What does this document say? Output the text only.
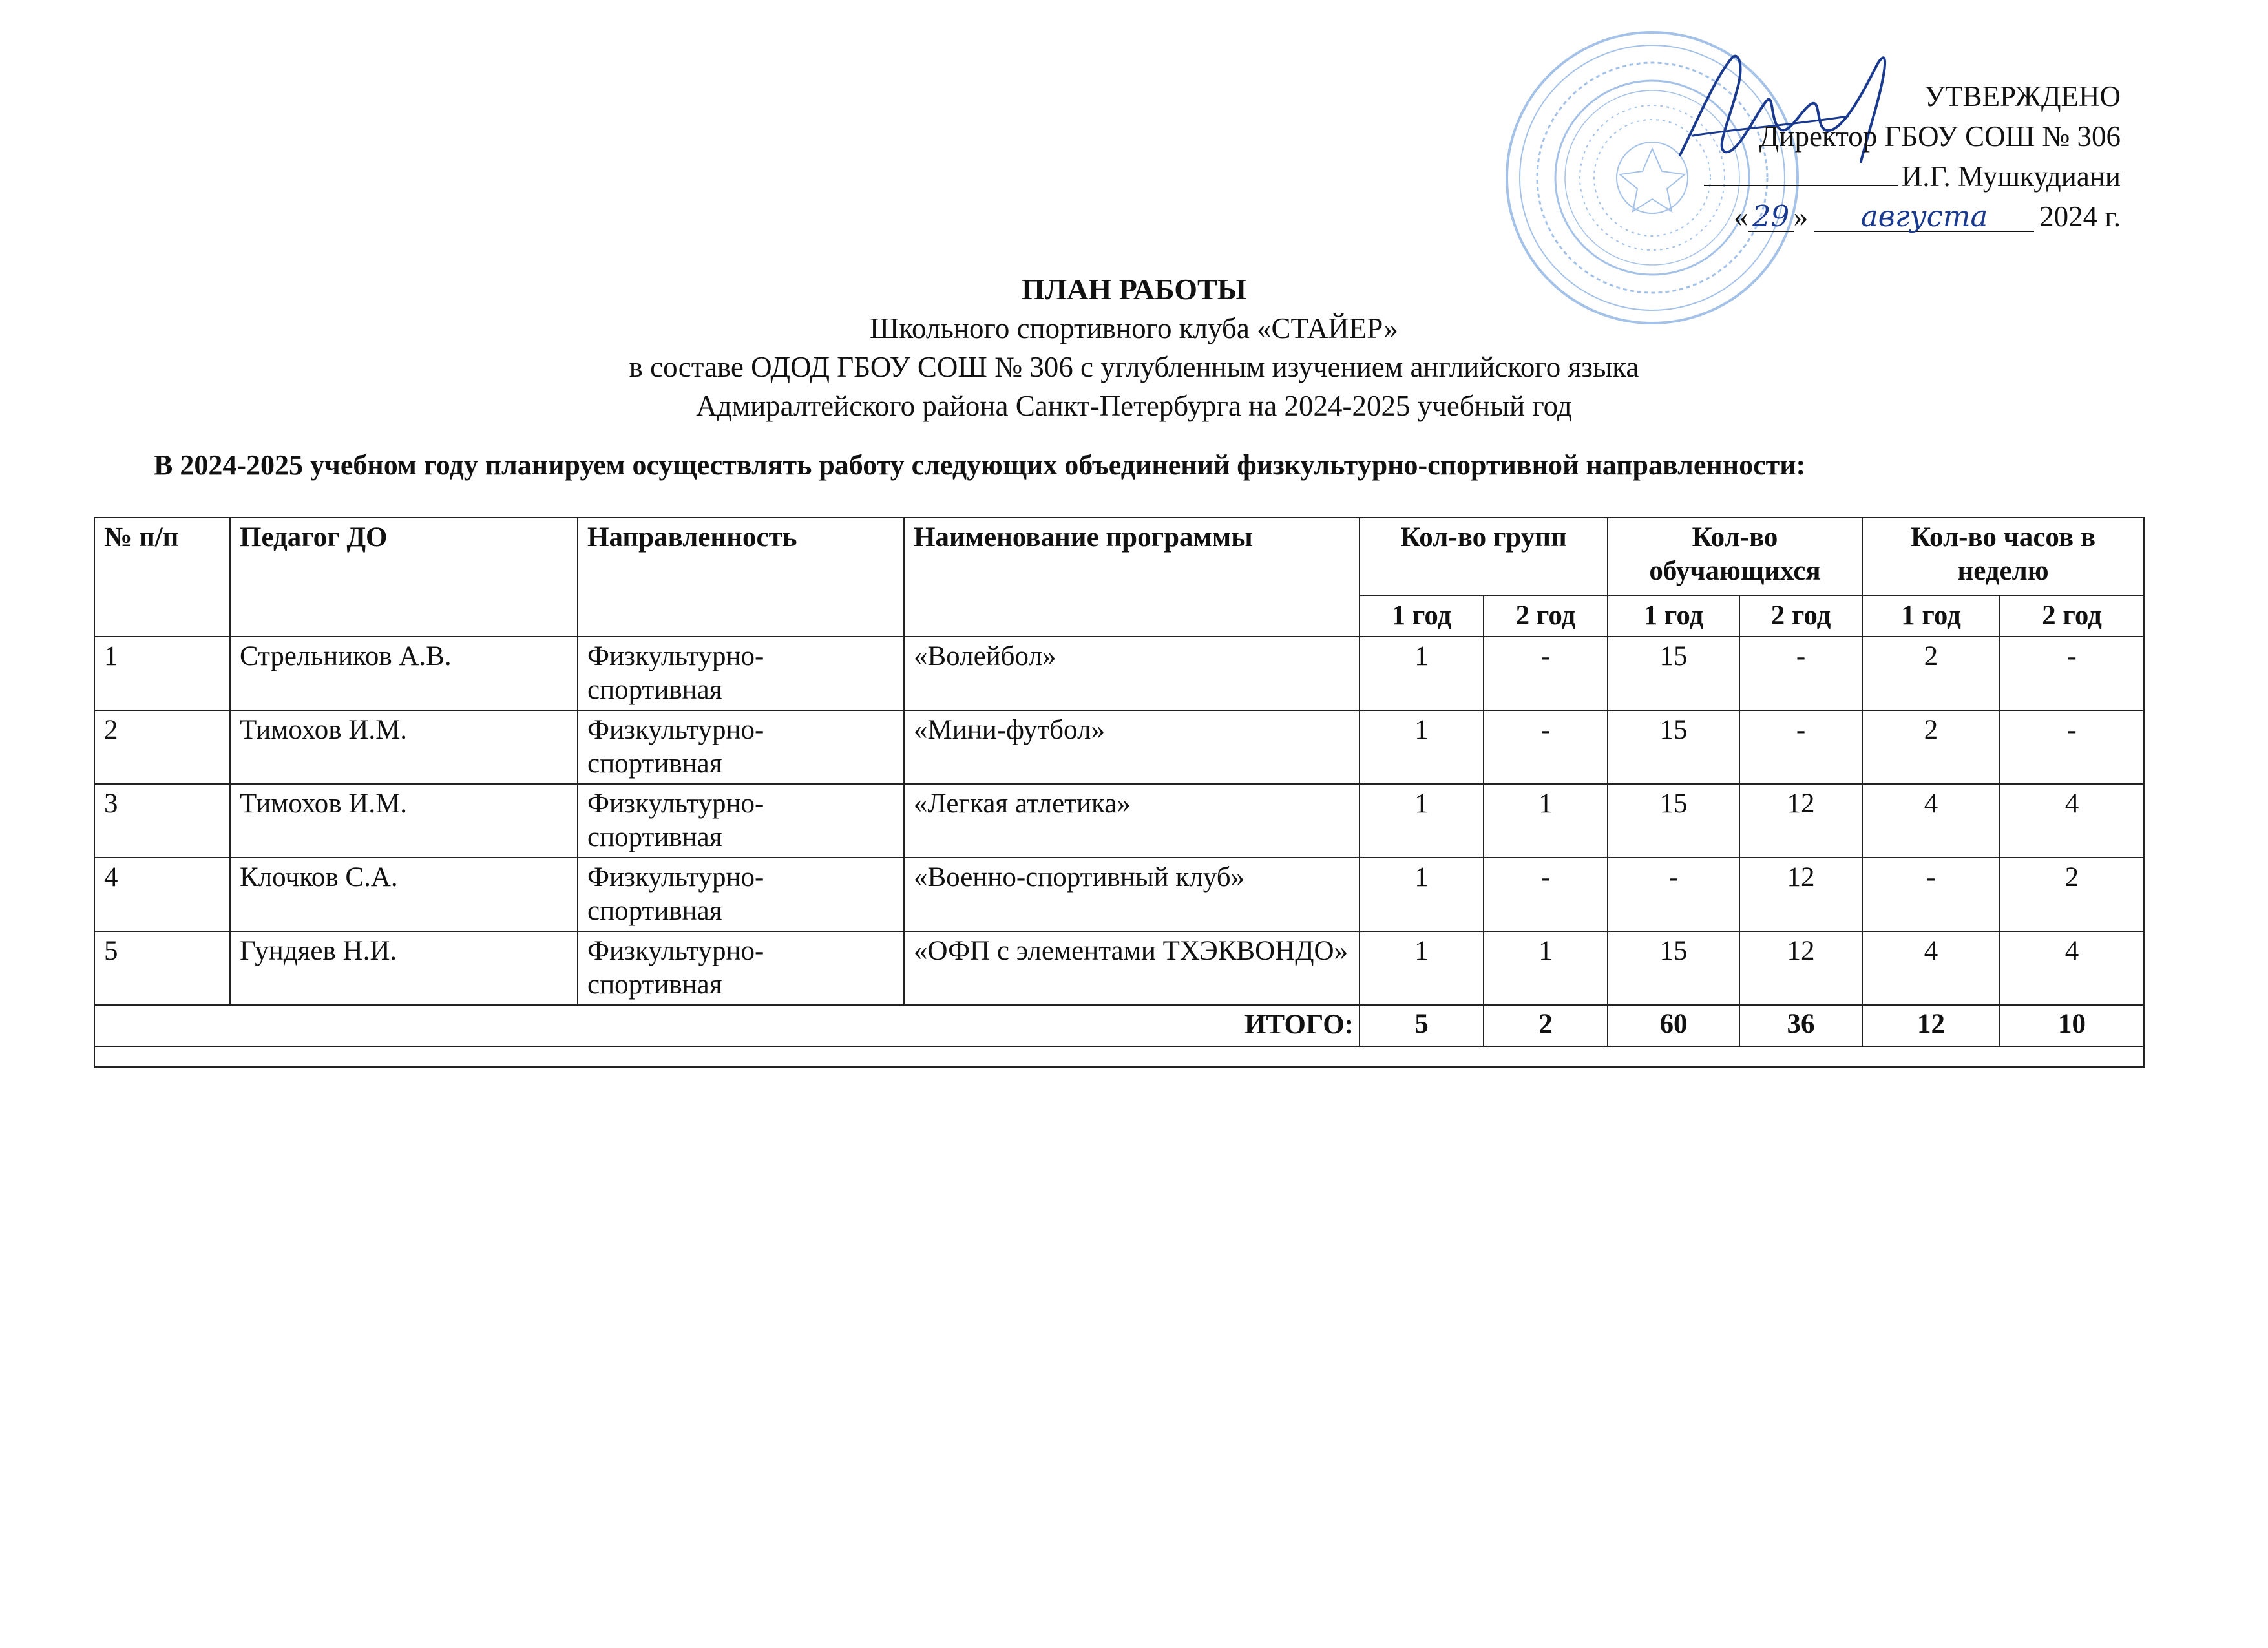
УТВЕРЖДЕНО
Директор ГБОУ СОШ № 306
И.Г. Мушкудиани
« 29 » августа 2024 г.
ПЛАН РАБОТЫ
Школьного спортивного клуба «СТАЙЕР»
в составе ОДОД ГБОУ СОШ № 306 с углубленным изучением английского языка
Адмиралтейского района Санкт-Петербурга на 2024-2025 учебный год
В 2024-2025 учебном году планируем осуществлять работу следующих объединений физкультурно-спортивной направленности:
№ п/п	Педагог ДО	Направленность	Наименование программы	Кол-во групп		Кол-во обучающихся		Кол-во часов в неделю	
				1 год	2 год	1 год	2 год	1 год	2 год
1	Стрельников А.В.	Физкультурно-спортивная	«Волейбол»	1	-	15	-	2	-
2	Тимохов И.М.	Физкультурно-спортивная	«Мини-футбол»	1	-	15	-	2	-
3	Тимохов И.М.	Физкультурно-спортивная	«Легкая атлетика»	1	1	15	12	4	4
4	Клочков С.А.	Физкультурно-спортивная	«Военно-спортивный клуб»	1	-	-	12	-	2
5	Гундяев Н.И.	Физкультурно-спортивная	«ОФП с элементами ТХЭКВОНДО»	1	1	15	12	4	4
ИТОГО:				5	2	60	36	12	10
